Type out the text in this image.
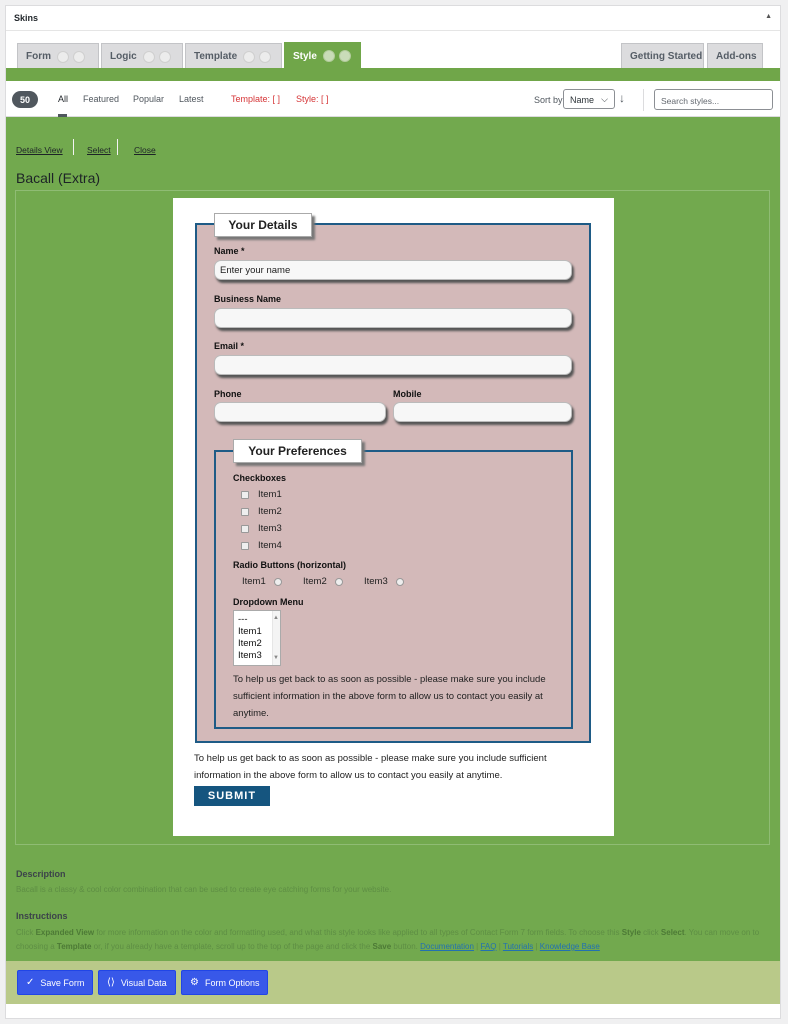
Skins	▲
Form	Logic	Template	Style	Getting Started Add-ons
50	All Featured Popular Latest	Template: [ ] Style: [ ]	Sort by Name ⌵ ↓	Search styles...
Details View	Select	Close
Bacall (Extra)
Your Details
Name *
Enter your name
Business Name
Email *
Phone	Mobile
Your Preferences
Checkboxes
Item1
Item2
Item3
Item4
Radio Buttons (horizontal)
Item1	Item2	Item3
Dropdown Menu
---
Item1
Item2
Item3
▲
▼
To help us get back to as soon as possible - please make sure you include sufficient information in the above form to allow us to contact you easily at anytime.
To help us get back to as soon as possible - please make sure you include sufficient information in the above form to allow us to contact you easily at anytime.
SUBMIT
Description
Bacall is a classy & cool color combination that can be used to create eye catching forms for your website.
Instructions
Click Expanded View for more information on the color and formatting used, and what this style looks like applied to all types of Contact Form 7 form fields. To choose this Style click Select. You can move on to choosing a Template or, if you already have a template, scroll up to the top of the page and click the Save button. Documentation | FAQ | Tutorials | Knowledge Base
✓ Save Form ⟨⟩ Visual Data ⚙ Form Options
